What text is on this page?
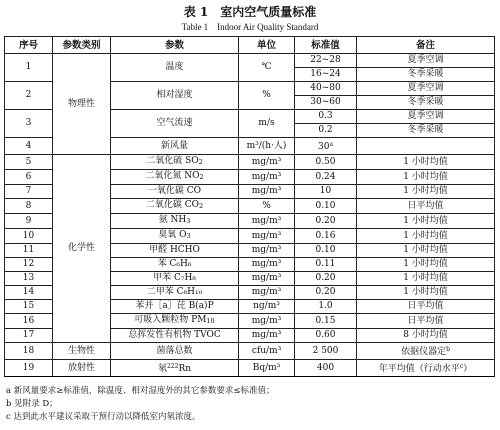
表 1　室内空气质量标准
Table 1　Indoor Air Quality Standard
序号	参数类别	参数	单位	标准值	备注
1	物理性	温度	℃	22~28	夏季空调
				16~24	冬季采暖
2		相对湿度	%	40~80	夏季空调
				30~60	冬季采暖
3		空气流速	m/s	0.3	夏季空调
				0.2	冬季采暖
4		新风量	m³/(h·人)	30$^a$	
5	化学性	二氧化硫 $SO_2$	mg/m³	0.50	1 小时均值
6		二氧化氮 $NO_2$	mg/m³	0.24	1 小时均值
7		一氧化碳 CO	mg/m³	10	1 小时均值
8		二氧化碳 $CO_2$	%	0.10	日平均值
9		氨 $NH_3$	mg/m³	0.20	1 小时均值
10		臭氧 $O_3$	mg/m³	0.16	1 小时均值
11		甲醛 HCHO	mg/m³	0.10	1 小时均值
12		苯 C₆H₆	mg/m³	0.11	1 小时均值
13		甲苯 C₇H₈	mg/m³	0.20	1 小时均值
14		二甲苯 C₈H₁₀	mg/m³	0.20	1 小时均值
15		苯并［a］芘 B(a)P	ng/m³	1.0	日平均值
16		可吸入颗粒物 $PM_{10}$	mg/m³	0.15	日平均值
17		总挥发性有机物 TVOC	mg/m³	0.60	8 小时均值
18	生物性	菌落总数	cfu/m³	2 500	依据仪器定$^b$
19	放射性	氡$^{222}$Rn	Bq/m³	400	年平均值（行动水平$^c$）
a 新风量要求≥标准值，除温度、相对湿度外的其它参数要求≤标准值；
b 见附录 D；
c 达到此水平建议采取干预行动以降低室内氡浓度。
